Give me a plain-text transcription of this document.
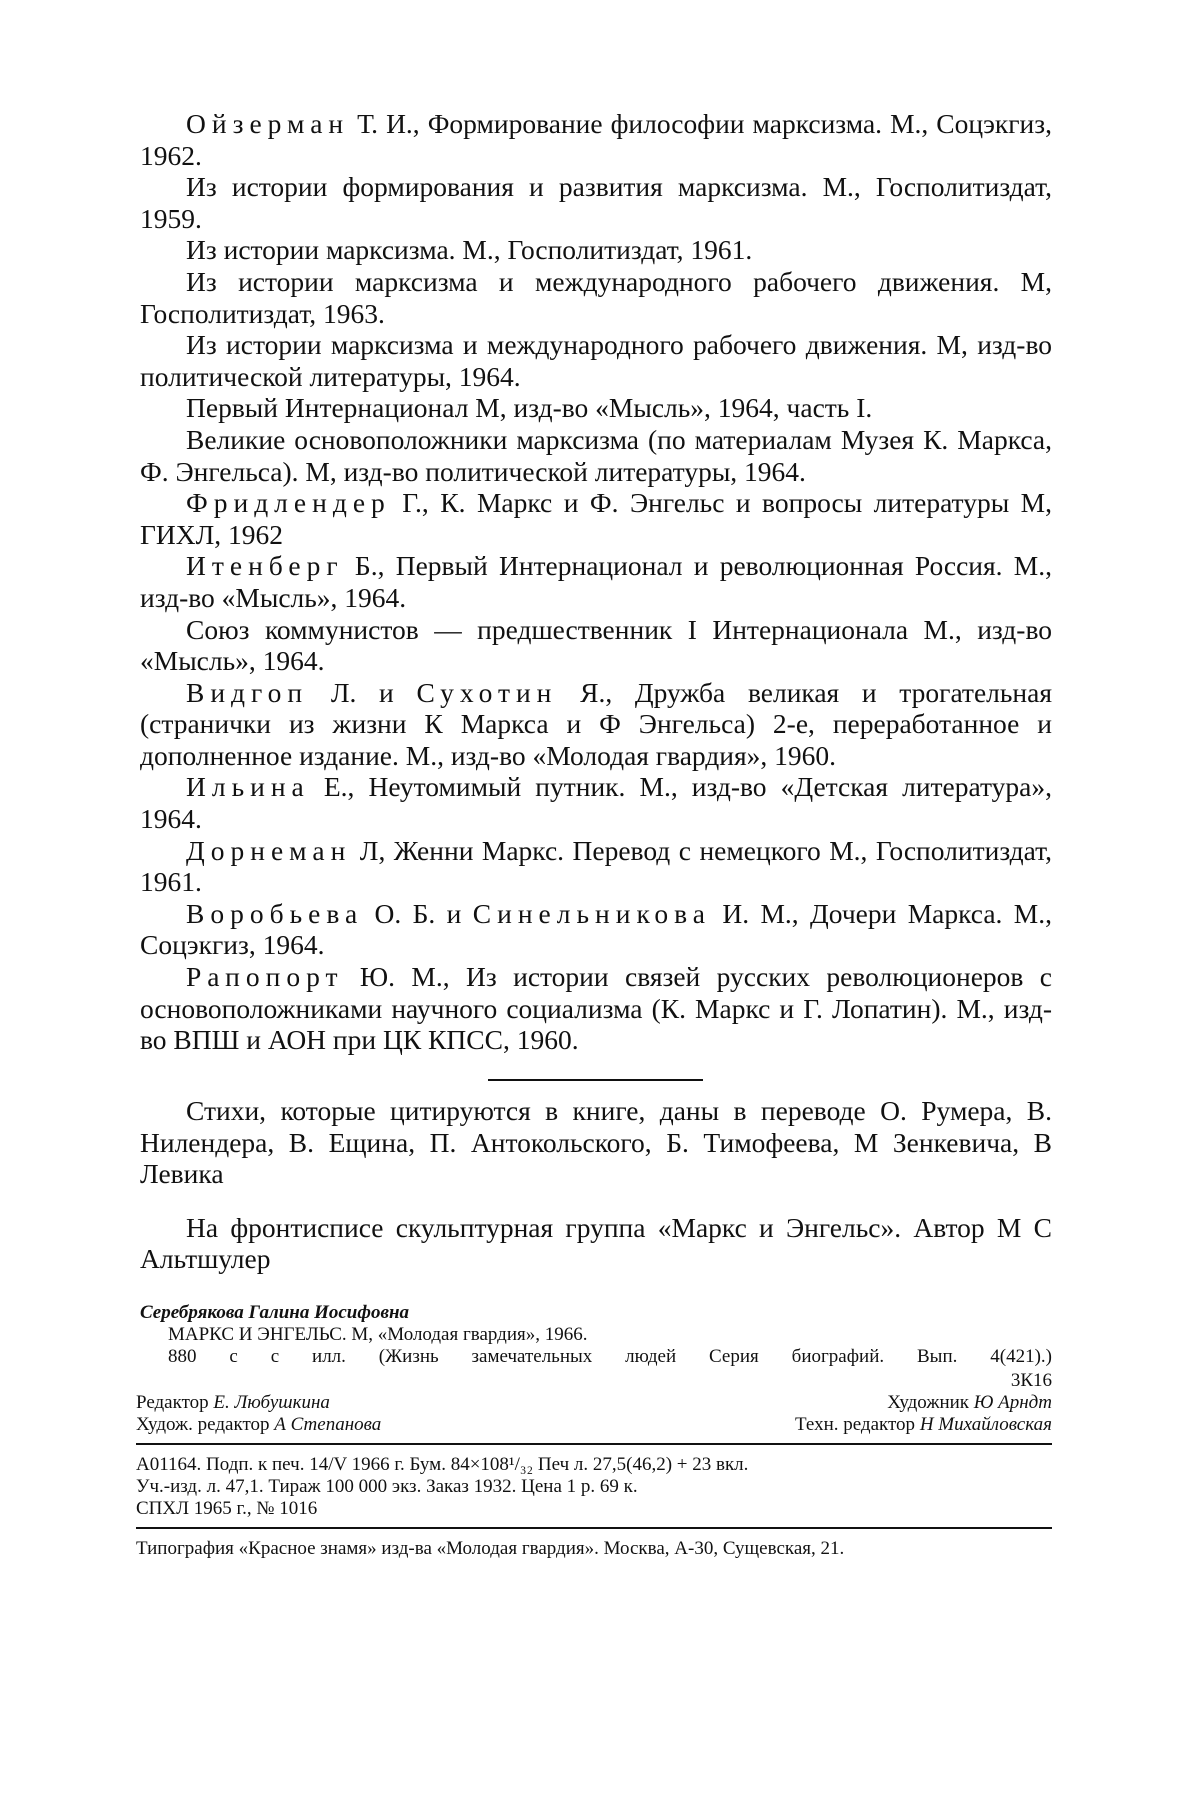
Ойзерман Т. И., Формирование философии марксизма. М., Соцэкгиз, 1962.

Из истории формирования и развития марксизма. М., Госполитиздат, 1959.

Из истории марксизма. М., Госполитиздат, 1961.

Из истории марксизма и международного рабочего движения. М, Госполитиздат, 1963.

Из истории марксизма и международного рабочего движения. М, изд-во политической литературы, 1964.

Первый Интернационал М, изд-во «Мысль», 1964, часть I.

Великие основоположники марксизма (по материалам Музея К. Маркса, Ф. Энгельса). М, изд-во политической литературы, 1964.

Фридлендер Г., К. Маркс и Ф. Энгельс и вопросы литературы М, ГИХЛ, 1962

Итенберг Б., Первый Интернационал и революционная Россия. М., изд-во «Мысль», 1964.

Союз коммунистов — предшественник I Интернационала М., изд-во «Мысль», 1964.

Видгоп Л. и Сухотин Я., Дружба великая и трогательная (странички из жизни К Маркса и Ф Энгельса) 2-е, переработанное и дополненное издание. М., изд-во «Молодая гвардия», 1960.

Ильина Е., Неутомимый путник. М., изд-во «Детская литература», 1964.

Дорнеман Л, Женни Маркс. Перевод с немецкого М., Госполитиздат, 1961.

Воробьева О. Б. и Синельникова И. М., Дочери Маркса. М., Соцэкгиз, 1964.

Рапопорт Ю. М., Из истории связей русских революционеров с основоположниками научного социализма (К. Маркс и Г. Лопатин). М., изд-во ВПШ и АОН при ЦК КПСС, 1960.

Стихи, которые цитируются в книге, даны в переводе О. Румера, В. Нилендера, В. Ещина, П. Антокольского, Б. Тимофеева, М Зенкевича, В Левика

На фронтисписе скульптурная группа «Маркс и Энгельс». Автор М С Альтшулер

Серебрякова Галина Иосифовна
МАРКС И ЭНГЕЛЬС. М, «Молодая гвардия», 1966.
880 с с илл. (Жизнь замечательных людей Серия биографий. Вып. 4(421).)
3К16
Редактор Е. Любушкина	Художник Ю Арндт
Худож. редактор А Степанова	Техн. редактор Н Михайловская
А01164. Подп. к печ. 14/V 1966 г. Бум. 84×108¹/₃₂ Печ л. 27,5(46,2) + 23 вкл.
Уч.-изд. л. 47,1. Тираж 100 000 экз. Заказ 1932. Цена 1 р. 69 к.
СПХЛ 1965 г., № 1016
Типография «Красное знамя» изд-ва «Молодая гвардия». Москва, А-30, Сущевская, 21.
